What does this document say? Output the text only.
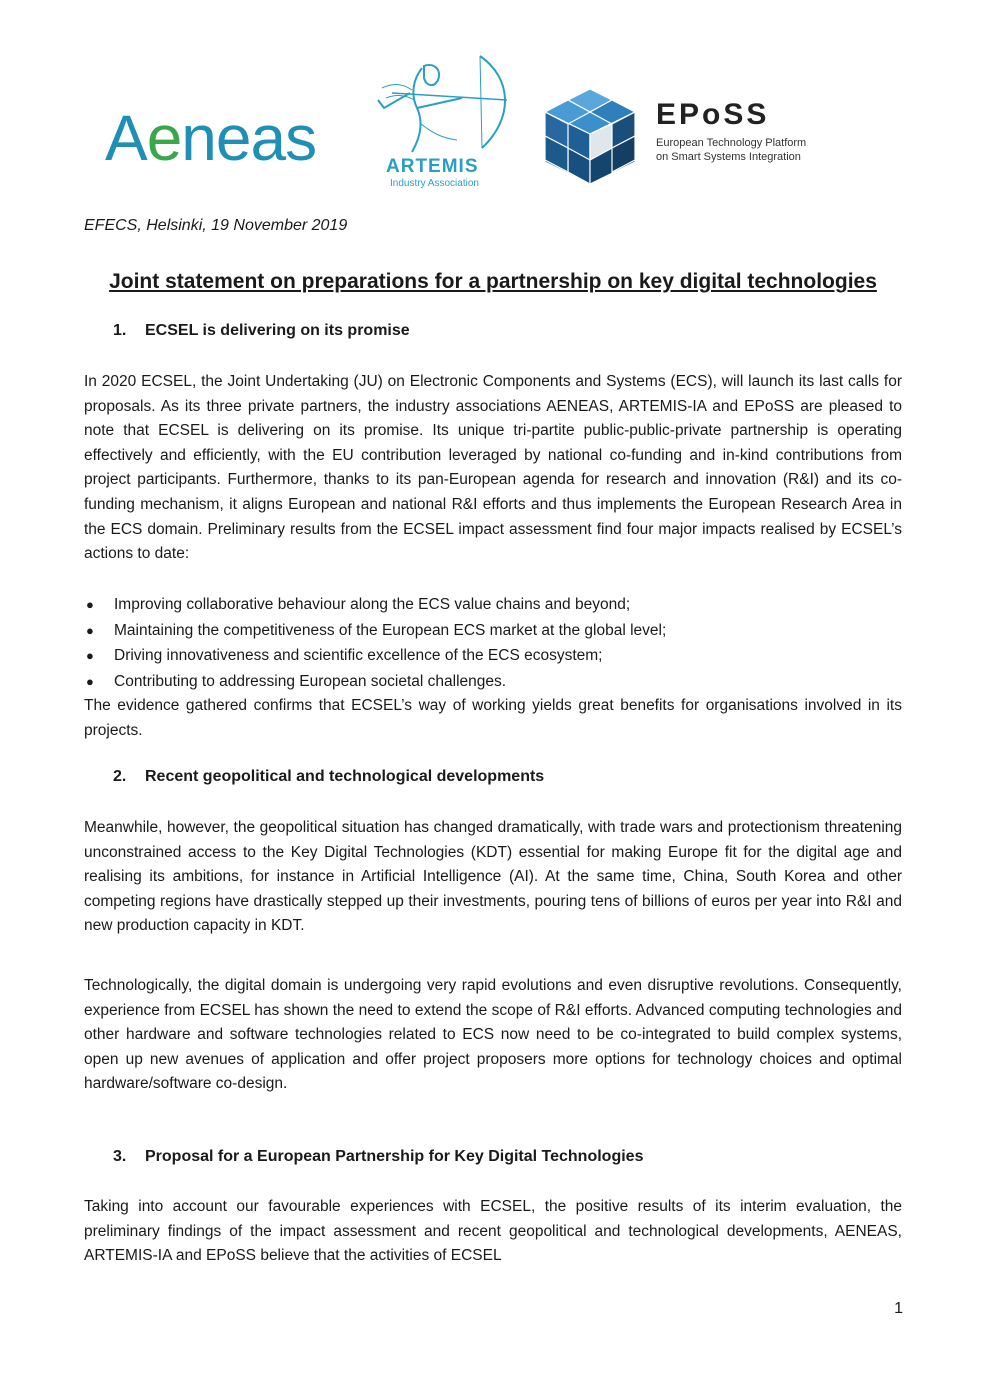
Aeneas	ARTEMIS
Industry Association
EPoSS
European Technology Platform
on Smart Systems Integration
EFECS, Helsinki, 19 November 2019
Joint statement on preparations for a partnership on key digital technologies
1. ECSEL is delivering on its promise
In 2020 ECSEL, the Joint Undertaking (JU) on Electronic Components and Systems (ECS), will launch its last calls for proposals. As its three private partners, the industry associations AENEAS, ARTEMIS-IA and EPoSS are pleased to note that ECSEL is delivering on its promise. Its unique tri-partite public-public-private partnership is operating effectively and efficiently, with the EU contribution leveraged by national co-funding and in-kind contributions from project participants. Furthermore, thanks to its pan-European agenda for research and innovation (R&I) and its co-funding mechanism, it aligns European and national R&I efforts and thus implements the European Research Area in the ECS domain. Preliminary results from the ECSEL impact assessment find four major impacts realised by ECSEL’s actions to date:
● Improving collaborative behaviour along the ECS value chains and beyond;
● Maintaining the competitiveness of the European ECS market at the global level;
● Driving innovativeness and scientific excellence of the ECS ecosystem;
● Contributing to addressing European societal challenges.
The evidence gathered confirms that ECSEL’s way of working yields great benefits for organisations involved in its projects.
2. Recent geopolitical and technological developments
Meanwhile, however, the geopolitical situation has changed dramatically, with trade wars and protectionism threatening unconstrained access to the Key Digital Technologies (KDT) essential for making Europe fit for the digital age and realising its ambitions, for instance in Artificial Intelligence (AI). At the same time, China, South Korea and other competing regions have drastically stepped up their investments, pouring tens of billions of euros per year into R&I and new production capacity in KDT.
Technologically, the digital domain is undergoing very rapid evolutions and even disruptive revolutions. Consequently, experience from ECSEL has shown the need to extend the scope of R&I efforts. Advanced computing technologies and other hardware and software technologies related to ECS now need to be co-integrated to build complex systems, open up new avenues of application and offer project proposers more options for technology choices and optimal hardware/software co-design.
3. Proposal for a European Partnership for Key Digital Technologies
Taking into account our favourable experiences with ECSEL, the positive results of its interim evaluation, the preliminary findings of the impact assessment and recent geopolitical and technological developments, AENEAS, ARTEMIS-IA and EPoSS believe that the activities of ECSEL
1
